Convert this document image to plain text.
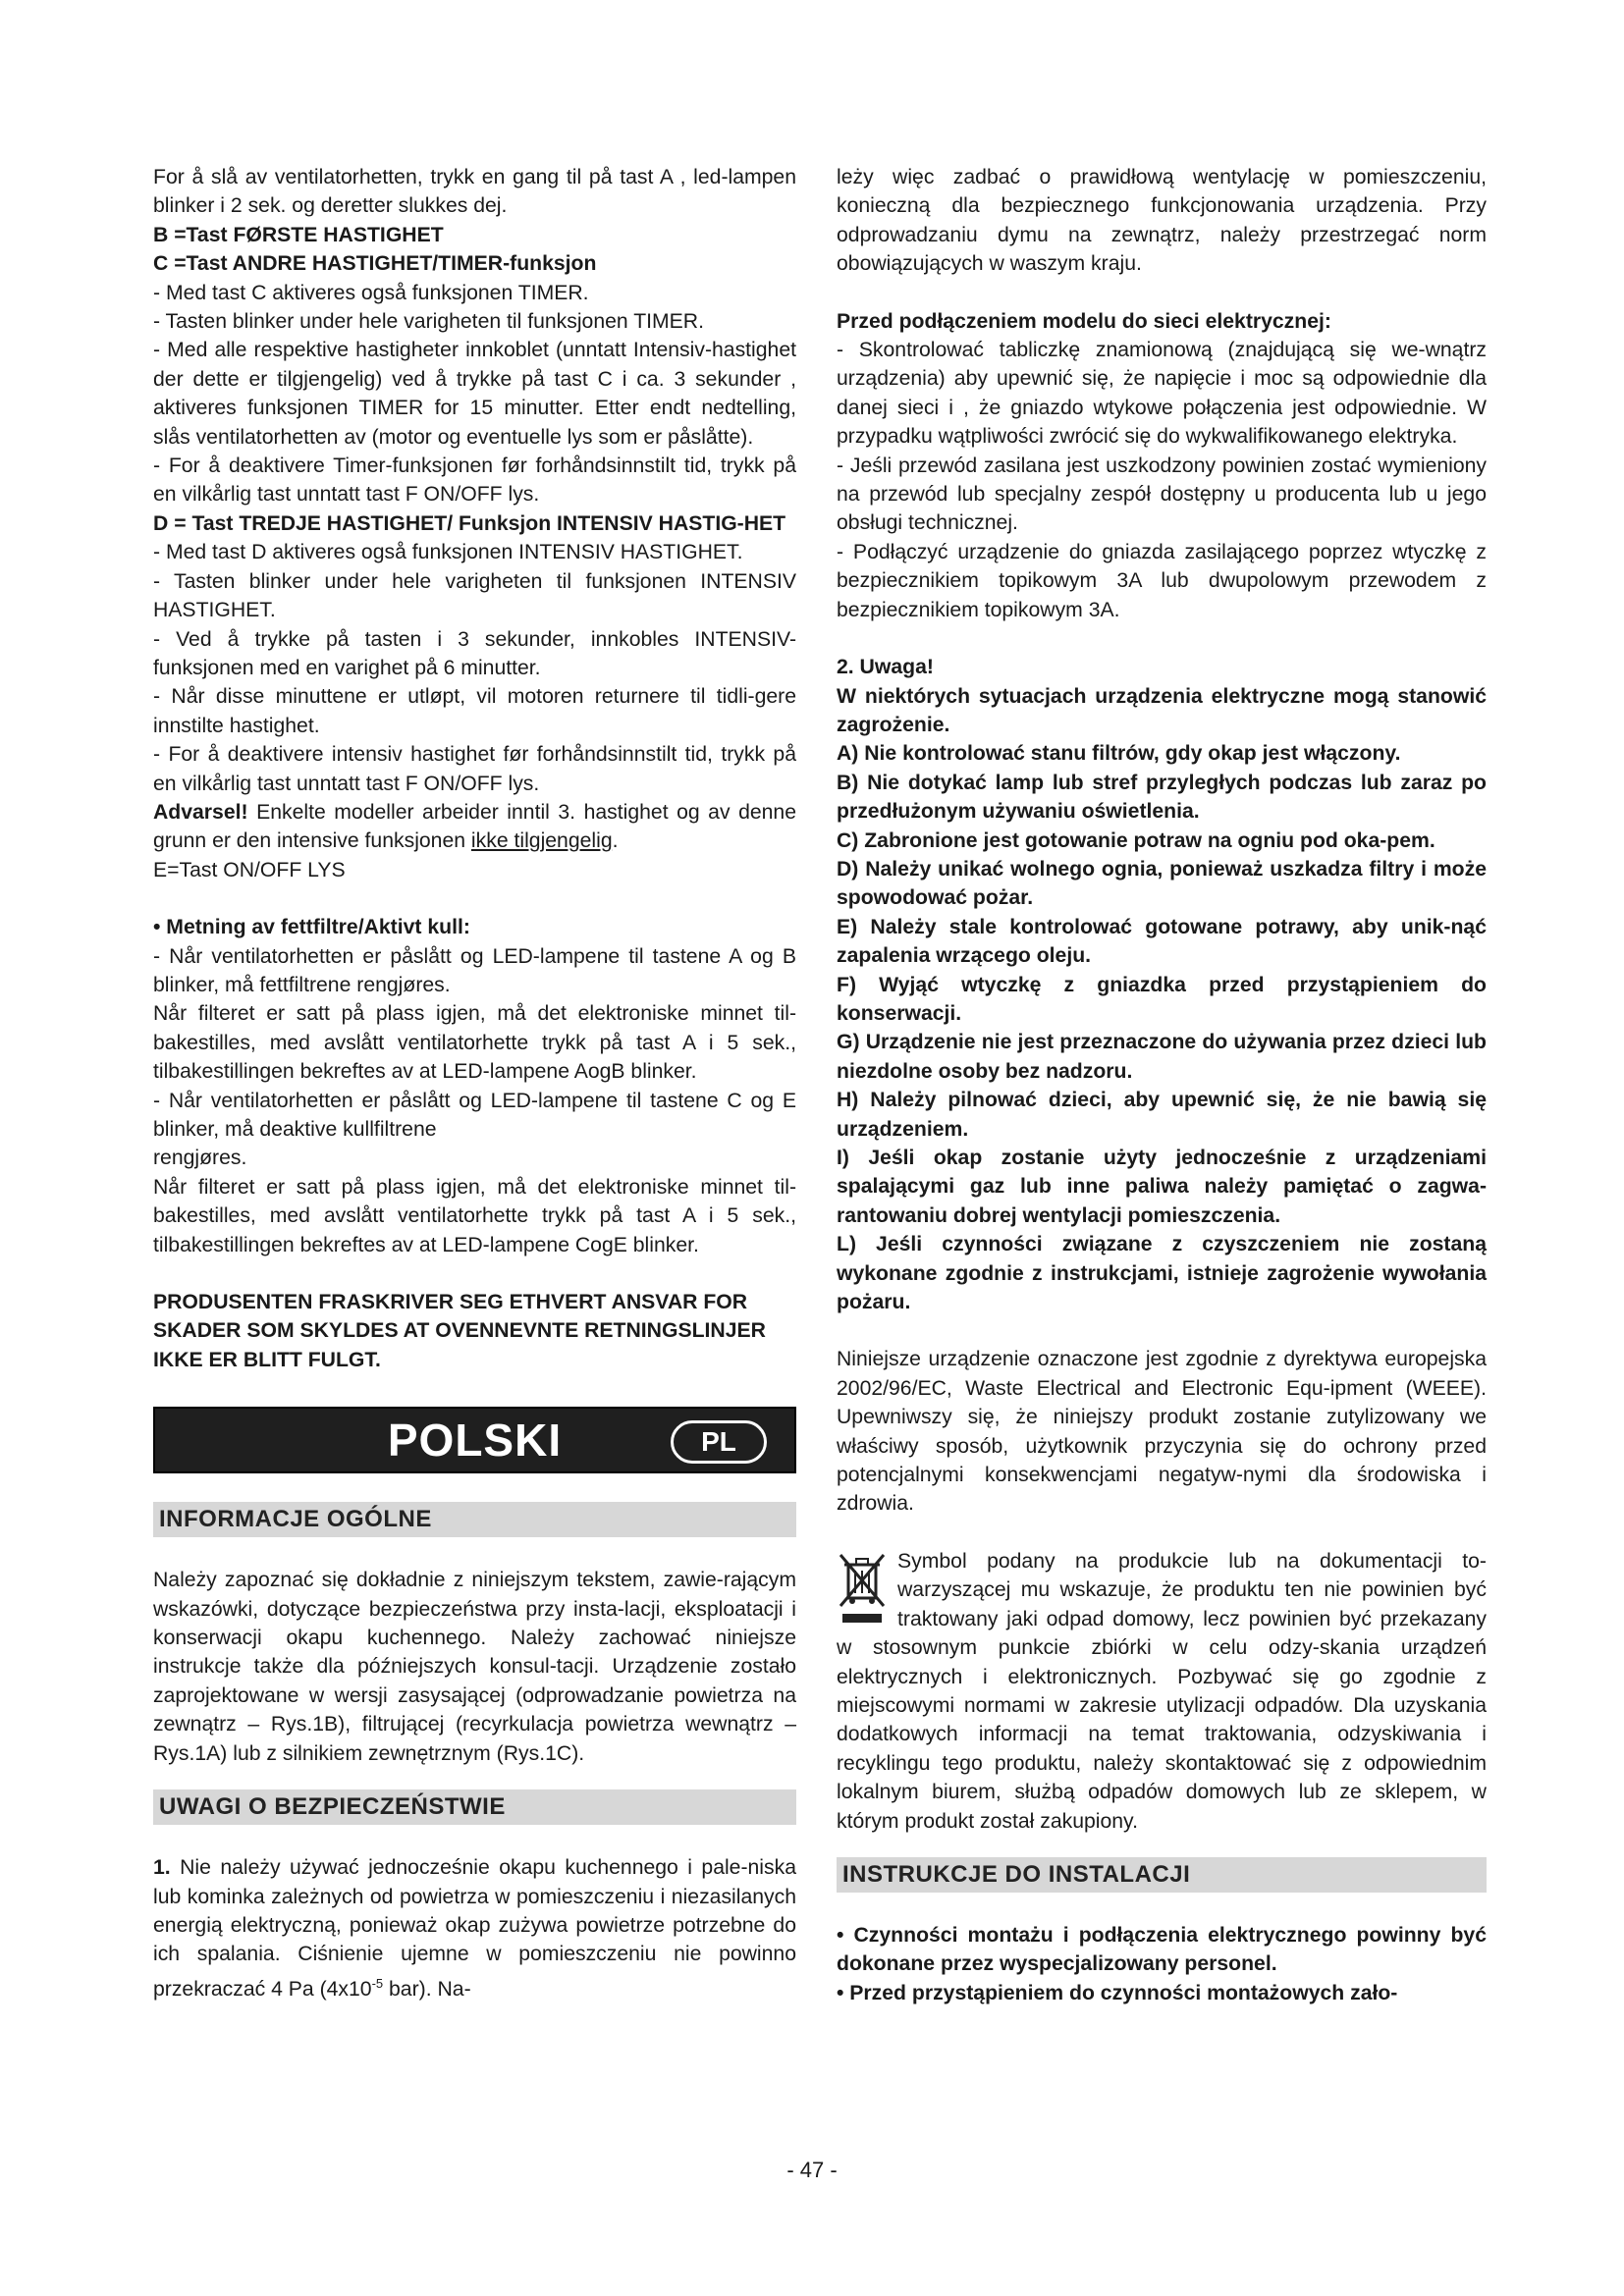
For å slå av ventilatorhetten, trykk en gang til på tast A , led-lampen blinker i 2 sek. og deretter slukkes dej.

B =Tast FØRSTE HASTIGHET

C =Tast ANDRE HASTIGHET/TIMER-funksjon

- Med tast C aktiveres også funksjonen TIMER.

- Tasten blinker under hele varigheten til funksjonen TIMER.

- Med alle respektive hastigheter innkoblet (unntatt Intensiv-hastighet der dette er tilgjengelig) ved å trykke på tast C i ca. 3 sekunder , aktiveres funksjonen TIMER for 15 minutter. Etter endt nedtelling, slås ventilatorhetten av (motor og eventuelle lys som er påslåtte).

- For å deaktivere Timer-funksjonen før forhåndsinnstilt tid, trykk på en vilkårlig tast unntatt tast F ON/OFF lys.

D = Tast TREDJE HASTIGHET/ Funksjon INTENSIV HASTIG-HET

- Med tast D aktiveres også funksjonen INTENSIV HASTIGHET.

- Tasten blinker under hele varigheten til funksjonen INTENSIV HASTIGHET.

- Ved å trykke på tasten i 3 sekunder, innkobles INTENSIV-funksjonen med en varighet på 6 minutter.

- Når disse minuttene er utløpt, vil motoren returnere til tidli-gere innstilte hastighet.

- For å deaktivere intensiv hastighet før forhåndsinnstilt tid, trykk på en vilkårlig tast unntatt tast F ON/OFF lys.

Advarsel! Enkelte modeller arbeider inntil 3. hastighet og av denne grunn er den intensive funksjonen ikke tilgjengelig.

E=Tast ON/OFF LYS

• Metning av fettfiltre/Aktivt kull:

- Når ventilatorhetten er påslått og LED-lampene til tastene A og B blinker, må fettfiltrene rengjøres.

Når filteret er satt på plass igjen, må det elektroniske minnet til-bakestilles, med avslått ventilatorhette trykk på tast A i 5 sek., tilbakestillingen bekreftes av at LED-lampene AogB blinker.

- Når ventilatorhetten er påslått og LED-lampene til tastene C og E blinker, må deaktive kullfiltrene

rengjøres.

Når filteret er satt på plass igjen, må det elektroniske minnet til-bakestilles, med avslått ventilatorhette trykk på tast A i 5 sek., tilbakestillingen bekreftes av at LED-lampene CogE blinker.

PRODUSENTEN FRASKRIVER SEG ETHVERT ANSVAR FOR SKADER SOM SKYLDES AT OVENNEVNTE RETNINGSLINJER IKKE ER BLITT FULGT.

POLSKI	PL
INFORMACJE OGÓLNE

Należy zapoznać się dokładnie z niniejszym tekstem, zawie-rającym wskazówki, dotyczące bezpieczeństwa przy insta-lacji, eksploatacji i konserwacji okapu kuchennego. Należy zachować niniejsze instrukcje także dla późniejszych konsul-tacji. Urządzenie zostało zaprojektowane w wersji zasysającej (odprowadzanie powietrza na zewnątrz – Rys.1B), filtrującej (recyrkulacja powietrza wewnątrz – Rys.1A) lub z silnikiem zewnętrznym (Rys.1C).

UWAGI O BEZPIECZEŃSTWIE

1. Nie należy używać jednocześnie okapu kuchennego i pale-niska lub kominka zależnych od powietrza w pomieszczeniu i niezasilanych energią elektryczną, ponieważ okap zużywa powietrze potrzebne do ich spalania. Ciśnienie ujemne w pomieszczeniu nie powinno przekraczać 4 Pa ($4x10^{-5}$ bar). Na-

leży więc zadbać o prawidłową wentylację w pomieszczeniu, konieczną dla bezpiecznego funkcjonowania urządzenia. Przy odprowadzaniu dymu na zewnątrz, należy przestrzegać norm obowiązujących w waszym kraju.

Przed podłączeniem modelu do sieci elektrycznej:

- Skontrolować tabliczkę znamionową (znajdującą się we-wnątrz urządzenia) aby upewnić się, że napięcie i moc są odpowiednie dla danej sieci i , że gniazdo wtykowe połączenia jest odpowiednie. W przypadku wątpliwości zwrócić się do wykwalifikowanego elektryka.

- Jeśli przewód zasilana jest uszkodzony powinien zostać wymieniony na przewód lub specjalny zespół dostępny u producenta lub u jego obsługi technicznej.

- Podłączyć urządzenie do gniazda zasilającego poprzez wtyczkę z bezpiecznikiem topikowym 3A lub dwupolowym przewodem z bezpiecznikiem topikowym 3A.

2. Uwaga!

W niektórych sytuacjach urządzenia elektryczne mogą stanowić zagrożenie.

A) Nie kontrolować stanu filtrów, gdy okap jest włączony.

B) Nie dotykać lamp lub stref przyległych podczas lub zaraz po przedłużonym używaniu oświetlenia.

C) Zabronione jest gotowanie potraw na ogniu pod oka-pem.

D) Należy unikać wolnego ognia, ponieważ uszkadza filtry i może spowodować pożar.

E) Należy stale kontrolować gotowane potrawy, aby unik-nąć zapalenia wrzącego oleju.

F) Wyjąć wtyczkę z gniazdka przed przystąpieniem do konserwacji.

G) Urządzenie nie jest przeznaczone do używania przez dzieci lub niezdolne osoby bez nadzoru.

H) Należy pilnować dzieci, aby upewnić się, że nie bawią się urządzeniem.

I) Jeśli okap zostanie użyty jednocześnie z urządzeniami spalającymi gaz lub inne paliwa należy pamiętać o zagwa-rantowaniu dobrej wentylacji pomieszczenia.

L) Jeśli czynności związane z czyszczeniem nie zostaną wykonane zgodnie z instrukcjami, istnieje zagrożenie wywołania pożaru.

Niniejsze urządzenie oznaczone jest zgodnie z dyrektywa europejska 2002/96/EC, Waste Electrical and Electronic Equ-ipment (WEEE). Upewniwszy się, że niniejszy produkt zostanie zutylizowany we właściwy sposób, użytkownik przyczynia się do ochrony przed potencjalnymi konsekwencjami negatyw-nymi dla środowiska i zdrowia.

Symbol podany na produkcie lub na dokumentacji to-warzyszącej mu wskazuje, że produktu ten nie powinien być traktowany jaki odpad domowy, lecz powinien być przekazany w stosownym punkcie zbiórki w celu odzy-skania urządzeń elektrycznych i elektronicznych. Pozbywać się go zgodnie z miejscowymi normami w zakresie utylizacji odpadów. Dla uzyskania dodatkowych informacji na temat traktowania, odzyskiwania i recyklingu tego produktu, należy skontaktować się z odpowiednim lokalnym biurem, służbą odpadów domowych lub ze sklepem, w którym produkt został zakupiony.

INSTRUKCJE DO INSTALACJI

• Czynności montażu i podłączenia elektrycznego powinny być dokonane przez wyspecjalizowany personel.

• Przed przystąpieniem do czynności montażowych zało-

- 47 -
